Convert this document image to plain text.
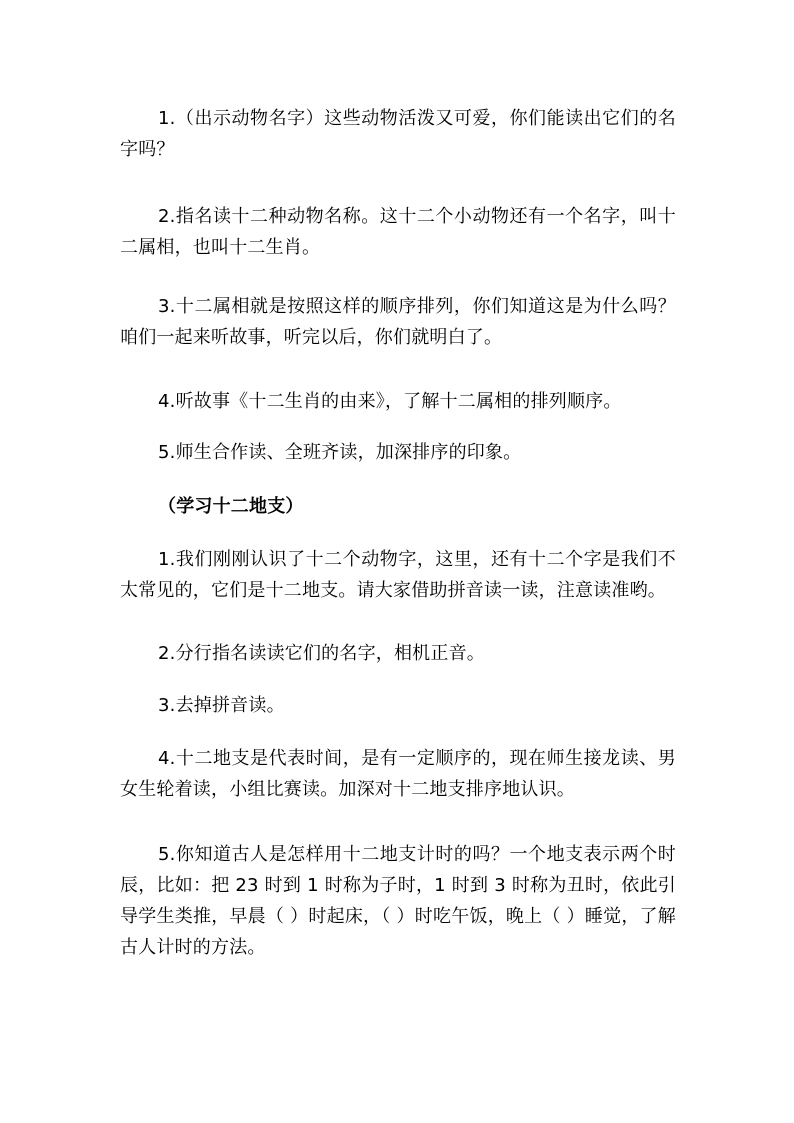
1.（出示动物名字）这些动物活泼又可爱，你们能读出它们的名字吗？

2.指名读十二种动物名称。这十二个小动物还有一个名字，叫十二属相，也叫十二生肖。

3.十二属相就是按照这样的顺序排列，你们知道这是为什么吗？咱们一起来听故事，听完以后，你们就明白了。

4.听故事《十二生肖的由来》，了解十二属相的排列顺序。

5.师生合作读、全班齐读，加深排序的印象。

（学习十二地支）

1.我们刚刚认识了十二个动物字，这里，还有十二个字是我们不太常见的，它们是十二地支。请大家借助拼音读一读，注意读准哟。

2.分行指名读读它们的名字，相机正音。

3.去掉拼音读。

4.十二地支是代表时间，是有一定顺序的，现在师生接龙读、男女生轮着读，小组比赛读。加深对十二地支排序地认识。

5.你知道古人是怎样用十二地支计时的吗？一个地支表示两个时辰，比如：把 23 时到 1 时称为子时，1 时到 3 时称为丑时，依此引导学生类推，早晨（ ）时起床，（ ）时吃午饭，晚上（ ）睡觉，了解古人计时的方法。
